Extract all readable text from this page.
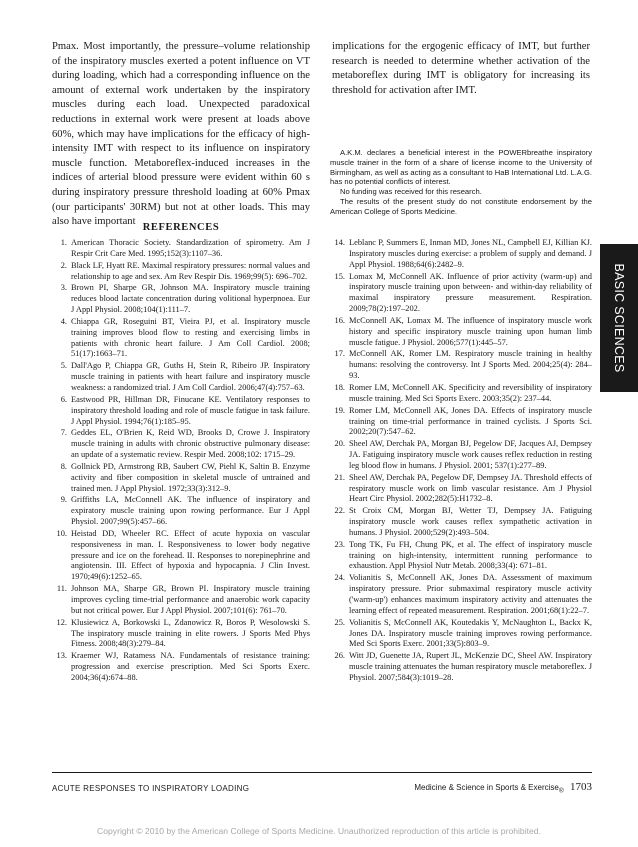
Pmax. Most importantly, the pressure–volume relationship of the inspiratory muscles exerted a potent influence on VT during loading, which had a corresponding influence on the amount of external work undertaken by the inspiratory muscles during each load. Unexpected paradoxical reductions in external work were present at loads above 60%, which may have implications for the efficacy of high-intensity IMT with respect to its influence on inspiratory muscle function. Metaboreflex-induced increases in the indices of arterial blood pressure were evident within 60 s during inspiratory pressure threshold loading at 60% Pmax (our participants' 30RM) but not at other loads. This may also have important
implications for the ergogenic efficacy of IMT, but further research is needed to determine whether activation of the metaboreflex during IMT is obligatory for increasing its threshold for activation after IMT.

A.K.M. declares a beneficial interest in the POWERbreathe inspiratory muscle trainer in the form of a share of license income to the University of Birmingham, as well as acting as a consultant to HaB International Ltd. L.A.G. has no potential conflicts of interest.

No funding was received for this research.

The results of the present study do not constitute endorsement by the American College of Sports Medicine.

REFERENCES
1. American Thoracic Society. Standardization of spirometry. Am J Respir Crit Care Med. 1995;152(3):1107–36.
2. Black LF, Hyatt RE. Maximal respiratory pressures: normal values and relationship to age and sex. Am Rev Respir Dis. 1969;99(5): 696–702.
3. Brown PI, Sharpe GR, Johnson MA. Inspiratory muscle training reduces blood lactate concentration during volitional hyperpnoea. Eur J Appl Physiol. 2008;104(1):111–7.
4. Chiappa GR, Roseguini BT, Vieira PJ, et al. Inspiratory muscle training improves blood flow to resting and exercising limbs in patients with chronic heart failure. J Am Coll Cardiol. 2008; 51(17):1663–71.
5. Dall'Ago P, Chiappa GR, Guths H, Stein R, Ribeiro JP. Inspiratory muscle training in patients with heart failure and inspiratory muscle weakness: a randomized trial. J Am Coll Cardiol. 2006;47(4):757–63.
6. Eastwood PR, Hillman DR, Finucane KE. Ventilatory responses to inspiratory threshold loading and role of muscle fatigue in task failure. J Appl Physiol. 1994;76(1):185–95.
7. Geddes EL, O'Brien K, Reid WD, Brooks D, Crowe J. Inspiratory muscle training in adults with chronic obstructive pulmonary disease: an update of a systematic review. Respir Med. 2008;102: 1715–29.
8. Gollnick PD, Armstrong RB, Saubert CW, Piehl K, Saltin B. Enzyme activity and fiber composition in skeletal muscle of untrained and trained men. J Appl Physiol. 1972;33(3):312–9.
9. Griffiths LA, McConnell AK. The influence of inspiratory and expiratory muscle training upon rowing performance. Eur J Appl Physiol. 2007;99(5):457–66.
10. Heistad DD, Wheeler RC. Effect of acute hypoxia on vascular responsiveness in man. I. Responsiveness to lower body negative pressure and ice on the forehead. II. Responses to norepinephrine and angiotensin. III. Effect of hypoxia and hypocapnia. J Clin Invest. 1970;49(6):1252–65.
11. Johnson MA, Sharpe GR, Brown PI. Inspiratory muscle training improves cycling time-trial performance and anaerobic work capacity but not critical power. Eur J Appl Physiol. 2007;101(6): 761–70.
12. Klusiewicz A, Borkowski L, Zdanowicz R, Boros P, Wesolowski S. The inspiratory muscle training in elite rowers. J Sports Med Phys Fitness. 2008;48(3):279–84.
13. Kraemer WJ, Ratamess NA. Fundamentals of resistance training: progression and exercise prescription. Med Sci Sports Exerc. 2004;36(4):674–88.
14. Leblanc P, Summers E, Inman MD, Jones NL, Campbell EJ, Killian KJ. Inspiratory muscles during exercise: a problem of supply and demand. J Appl Physiol. 1988;64(6):2482–9.
15. Lomax M, McConnell AK. Influence of prior activity (warm-up) and inspiratory muscle training upon between- and within-day reliability of maximal inspiratory pressure measurement. Respiration. 2009;78(2):197–202.
16. McConnell AK, Lomax M. The influence of inspiratory muscle work history and specific inspiratory muscle training upon human limb muscle fatigue. J Physiol. 2006;577(1):445–57.
17. McConnell AK, Romer LM. Respiratory muscle training in healthy humans: resolving the controversy. Int J Sports Med. 2004;25(4): 284–93.
18. Romer LM, McConnell AK. Specificity and reversibility of inspiratory muscle training. Med Sci Sports Exerc. 2003;35(2): 237–44.
19. Romer LM, McConnell AK, Jones DA. Effects of inspiratory muscle training on time-trial performance in trained cyclists. J Sports Sci. 2002;20(7):547–62.
20. Sheel AW, Derchak PA, Morgan BJ, Pegelow DF, Jacques AJ, Dempsey JA. Fatiguing inspiratory muscle work causes reflex reduction in resting leg blood flow in humans. J Physiol. 2001; 537(1):277–89.
21. Sheel AW, Derchak PA, Pegelow DF, Dempsey JA. Threshold effects of respiratory muscle work on limb vascular resistance. Am J Physiol Heart Circ Physiol. 2002;282(5):H1732–8.
22. St Croix CM, Morgan BJ, Wetter TJ, Dempsey JA. Fatiguing inspiratory muscle work causes reflex sympathetic activation in humans. J Physiol. 2000;529(2):493–504.
23. Tong TK, Fu FH, Chung PK, et al. The effect of inspiratory muscle training on high-intensity, intermittent running performance to exhaustion. Appl Physiol Nutr Metab. 2008;33(4): 671–81.
24. Volianitis S, McConnell AK, Jones DA. Assessment of maximum inspiratory pressure. Prior submaximal respiratory muscle activity ('warm-up') enhances maximum inspiratory activity and attenuates the learning effect of repeated measurement. Respiration. 2001;68(1):22–7.
25. Volianitis S, McConnell AK, Koutedakis Y, McNaughton L, Backx K, Jones DA. Inspiratory muscle training improves rowing performance. Med Sci Sports Exerc. 2001;33(5):803–9.
26. Witt JD, Guenette JA, Rupert JL, McKenzie DC, Sheel AW. Inspiratory muscle training attenuates the human respiratory muscle metaboreflex. J Physiol. 2007;584(3):1019–28.
BASIC SCIENCES
ACUTE RESPONSES TO INSPIRATORY LOADING	Medicine & Science in Sports & Exercise$_®$ 1703
Copyright © 2010 by the American College of Sports Medicine. Unauthorized reproduction of this article is prohibited.
